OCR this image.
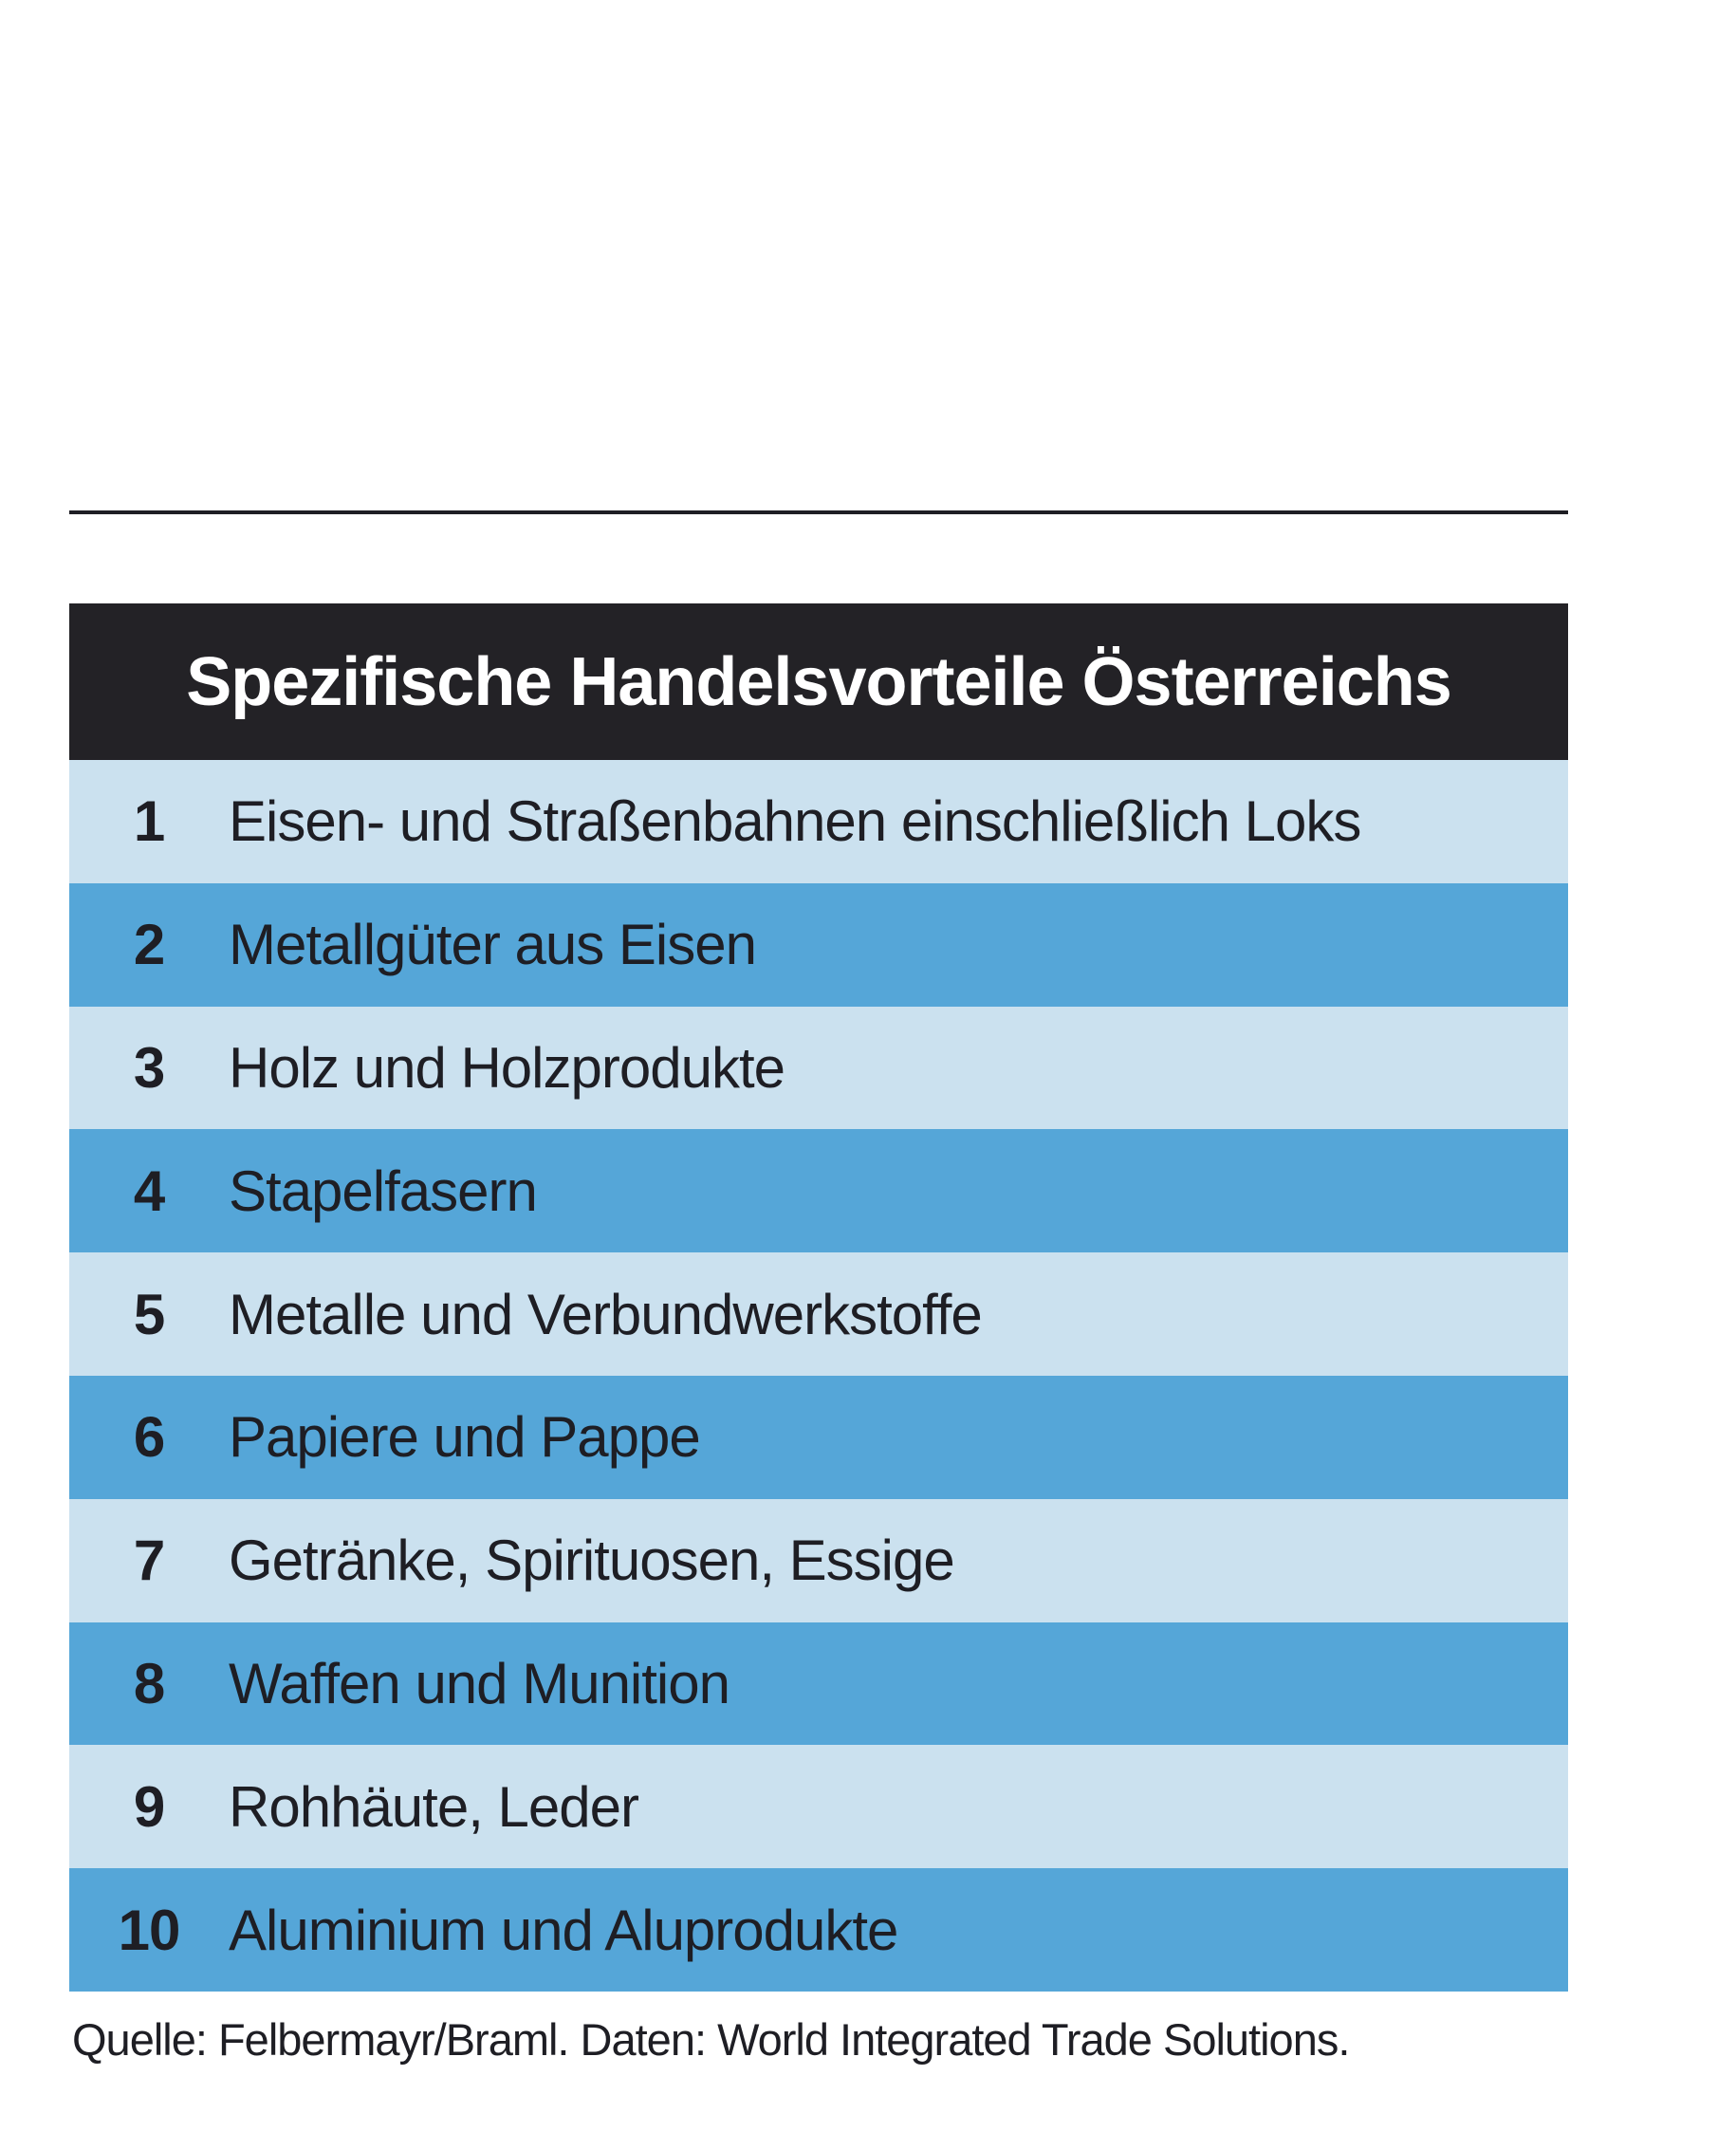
Spezifische Handelsvorteile Österreichs
1	Eisen- und Straßenbahnen einschließlich Loks
2	Metallgüter aus Eisen
3	Holz und Holzprodukte
4	Stapelfasern
5	Metalle und Verbundwerkstoffe
6	Papiere und Pappe
7	Getränke, Spirituosen, Essige
8	Waffen und Munition
9	Rohhäute, Leder
10 Aluminium und Aluprodukte
Quelle: Felbermayr/Braml. Daten: World Integrated Trade Solutions.
